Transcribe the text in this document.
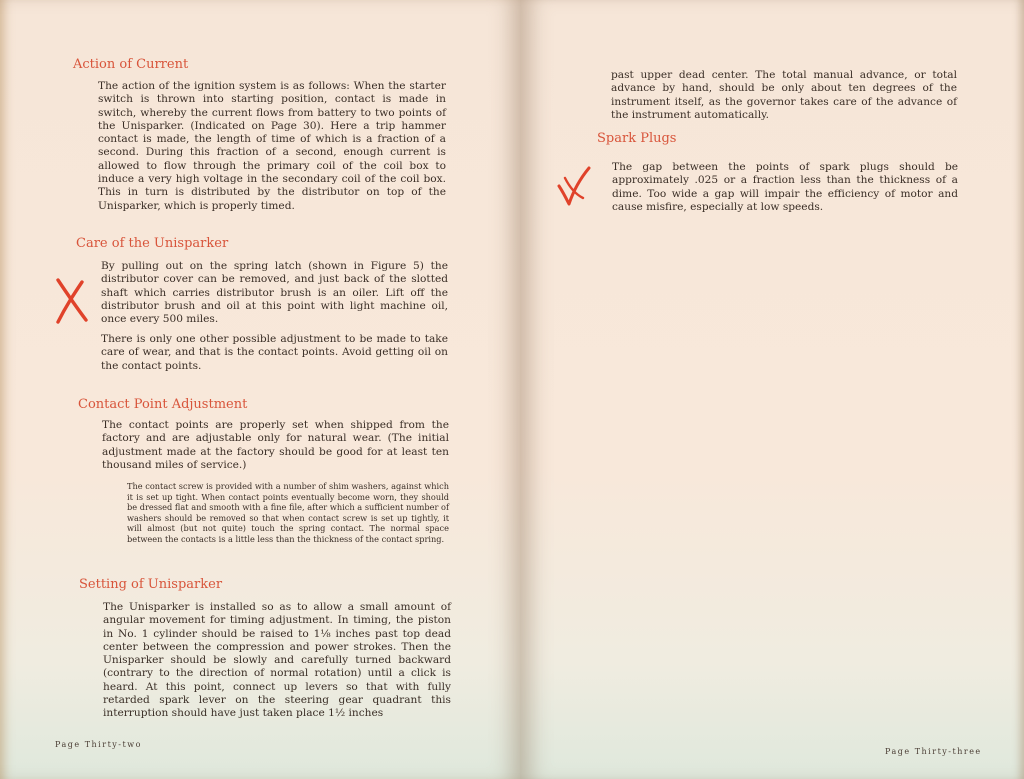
Action of Current

The action of the ignition system is as follows: When the starter switch is thrown into starting position, contact is made in switch, whereby the current flows from battery to two points of the Unisparker. (Indicated on Page 30). Here a trip hammer contact is made, the length of time of which is a fraction of a second. During this fraction of a second, enough current is allowed to flow through the primary coil of the coil box to induce a very high voltage in the secondary coil of the coil box. This in turn is distributed by the distributor on top of the Unisparker, which is properly timed.

Care of the Unisparker

By pulling out on the spring latch (shown in Figure 5) the distributor cover can be removed, and just back of the slotted shaft which carries distributor brush is an oiler. Lift off the distributor brush and oil at this point with light machine oil, once every 500 miles.

There is only one other possible adjustment to be made to take care of wear, and that is the contact points. Avoid getting oil on the contact points.

Contact Point Adjustment

The contact points are properly set when shipped from the factory and are adjustable only for natural wear. (The initial adjustment made at the factory should be good for at least ten thousand miles of service.)

The contact screw is provided with a number of shim washers, against which it is set up tight. When contact points eventually become worn, they should be dressed flat and smooth with a fine file, after which a sufficient number of washers should be removed so that when contact screw is set up tightly, it will almost (but not quite) touch the spring contact. The normal space between the contacts is a little less than the thickness of the contact spring.

Setting of Unisparker

The Unisparker is installed so as to allow a small amount of angular movement for timing adjustment. In timing, the piston in No. 1 cylinder should be raised to 1⅛ inches past top dead center between the compression and power strokes. Then the Unisparker should be slowly and carefully turned backward (contrary to the direction of normal rotation) until a click is heard. At this point, connect up levers so that with fully retarded spark lever on the steering gear quadrant this interruption should have just taken place 1½ inches

Page Thirty-two

past upper dead center. The total manual advance, or total advance by hand, should be only about ten degrees of the instrument itself, as the governor takes care of the advance of the instrument automatically.

Spark Plugs

The gap between the points of spark plugs should be approximately .025 or a fraction less than the thickness of a dime. Too wide a gap will impair the efficiency of motor and cause misfire, especially at low speeds.

Page Thirty-three
